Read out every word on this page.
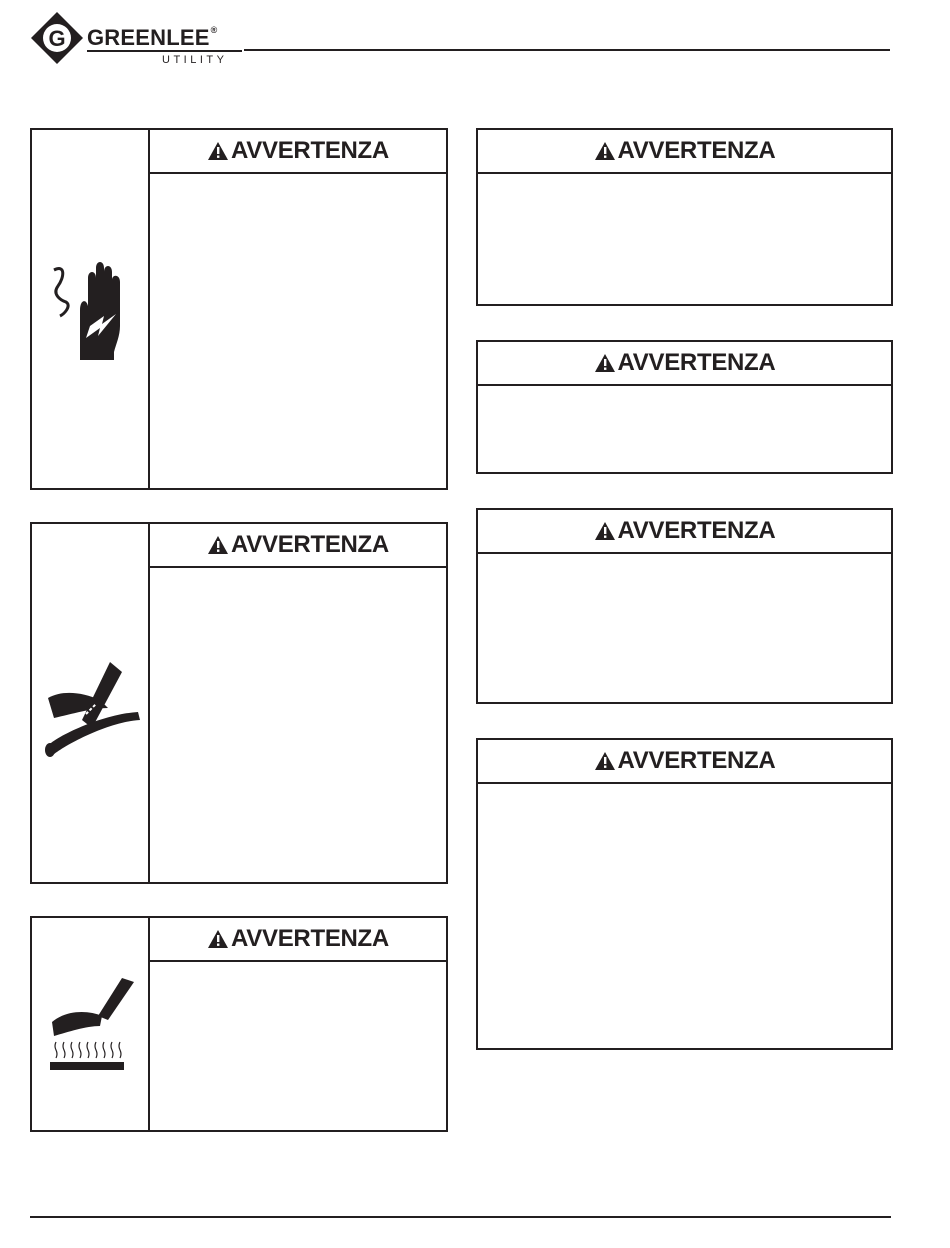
G GREENLEE®
UTILITY
AVVERTENZA
AVVERTENZA
AVVERTENZA
AVVERTENZA
AVVERTENZA
AVVERTENZA
AVVERTENZA
